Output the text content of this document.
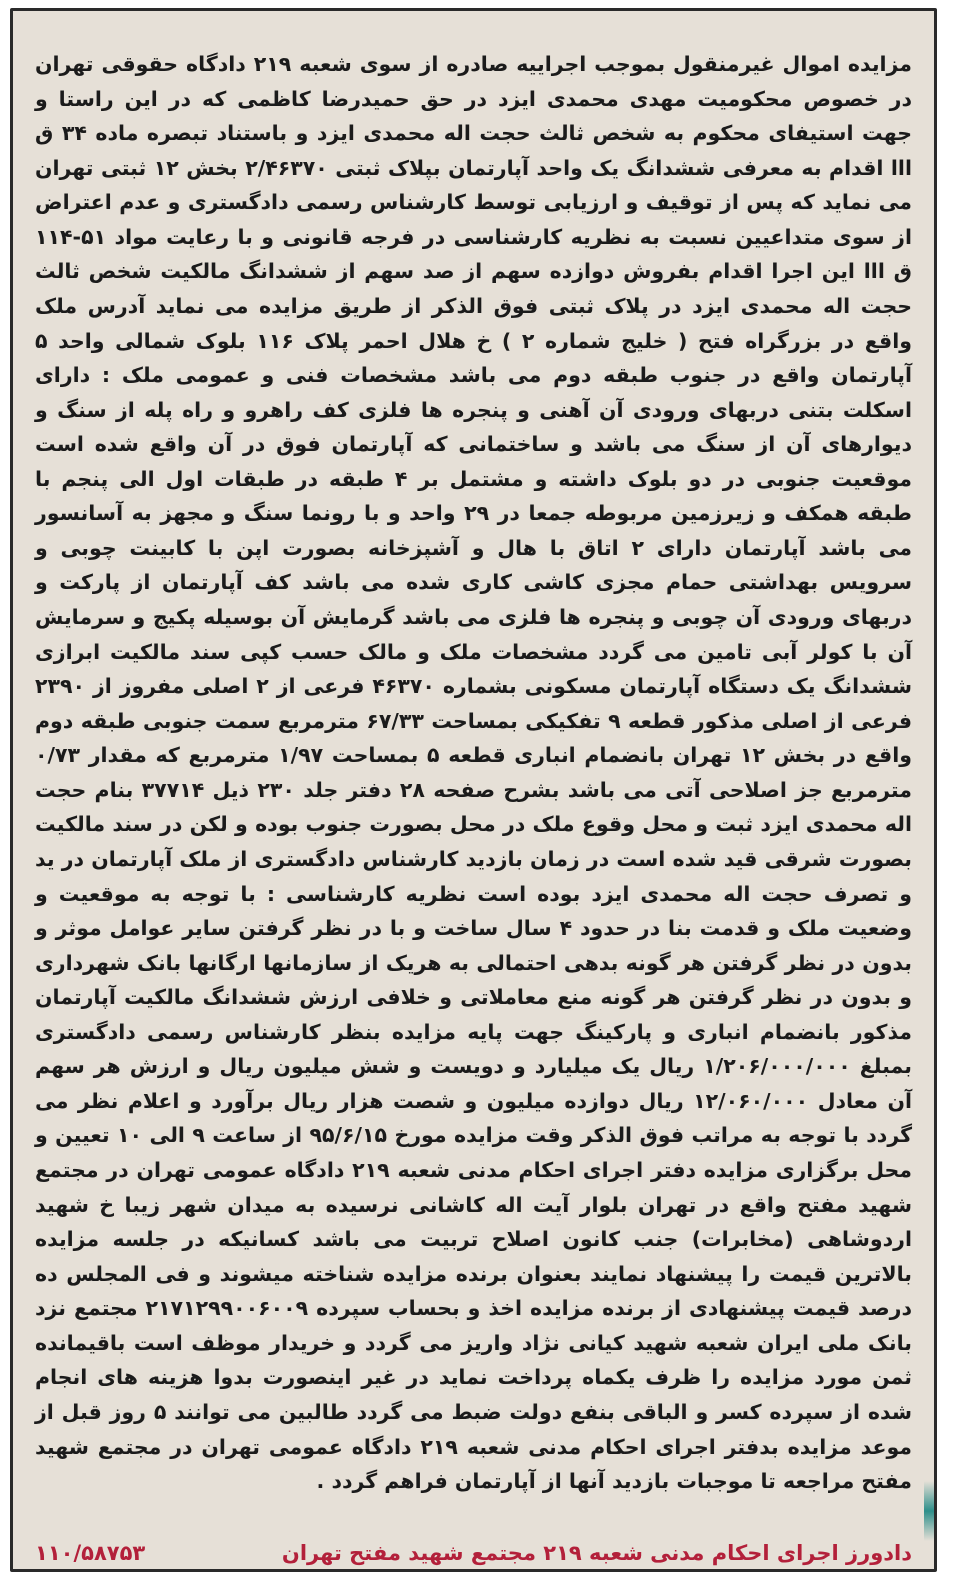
مزایده اموال غیرمنقول بموجب اجراییه صادره از سوی شعبه ۲۱۹ دادگاه حقوقی تهران در خصوص محکومیت مهدی محمدی ایزد در حق حمیدرضا کاظمی که در این راستا و جهت استیفای محکوم به شخص ثالث حجت اله محمدی ایزد و باستناد تبصره ماده ۳۴ ق ااا اقدام به معرفی ششدانگ یک واحد آپارتمان بپلاک ثبتی ۲/۴۶۳۷۰ بخش ۱۲ ثبتی تهران می نماید که پس از توقیف و ارزیابی توسط کارشناس رسمی دادگستری و عدم اعتراض از سوی متداعیین نسبت به نظریه کارشناسی در فرجه قانونی و با رعایت مواد ۵۱-۱۱۴ ق ااا این اجرا اقدام بفروش دوازده سهم از صد سهم از ششدانگ مالکیت شخص ثالث حجت اله محمدی ایزد در پلاک ثبتی فوق الذکر از طریق مزایده می نماید آدرس ملک واقع در بزرگراه فتح ( خلیج شماره ۲ ) خ هلال احمر پلاک ۱۱۶ بلوک شمالی واحد ۵ آپارتمان واقع در جنوب طبقه دوم می باشد مشخصات فنی و عمومی ملک : دارای اسکلت بتنی دربهای ورودی آن آهنی و پنجره ها فلزی کف راهرو و راه پله از سنگ و دیوارهای آن از سنگ می باشد و ساختمانی که آپارتمان فوق در آن واقع شده است موقعیت جنوبی در دو بلوک داشته و مشتمل بر ۴ طبقه در طبقات اول الی پنجم با طبقه همکف و زیرزمین مربوطه جمعا در ۲۹ واحد و با رونما سنگ و مجهز به آسانسور می باشد آپارتمان دارای ۲ اتاق با هال و آشپزخانه بصورت اپن با کابینت چوبی و سرویس بهداشتی حمام مجزی کاشی کاری شده می باشد کف آپارتمان از پارکت و دربهای ورودی آن چوبی و پنجره ها فلزی می باشد گرمایش آن بوسیله پکیج و سرمایش آن با کولر آبی تامین می گردد مشخصات ملک و مالک حسب کپی سند مالکیت ابرازی ششدانگ یک دستگاه آپارتمان مسکونی بشماره ۴۶۳۷۰ فرعی از ۲ اصلی مفروز از ۲۳۹۰ فرعی از اصلی مذکور قطعه ۹ تفکیکی بمساحت ۶۷/۳۳ مترمربع سمت جنوبی طبقه دوم واقع در بخش ۱۲ تهران بانضمام انباری قطعه ۵ بمساحت ۱/۹۷ مترمربع که مقدار ۰/۷۳ مترمربع جز اصلاحی آتی می باشد بشرح صفحه ۲۸ دفتر جلد ۲۳۰ ذیل ۳۷۷۱۴ بنام حجت اله محمدی ایزد ثبت و محل وقوع ملک در محل بصورت جنوب بوده و لکن در سند مالکیت بصورت شرقی قید شده است در زمان بازدید کارشناس دادگستری از ملک آپارتمان در ید و تصرف حجت اله محمدی ایزد بوده است نظریه کارشناسی : با توجه به موقعیت و وضعیت ملک و قدمت بنا در حدود ۴ سال ساخت و با در نظر گرفتن سایر عوامل موثر و بدون در نظر گرفتن هر گونه بدهی احتمالی به هریک از سازمانها ارگانها بانک شهرداری و بدون در نظر گرفتن هر گونه منع معاملاتی و خلافی ارزش ششدانگ مالکیت آپارتمان مذکور بانضمام انباری و پارکینگ جهت پایه مزایده بنظر کارشناس رسمی دادگستری بمبلغ ۱/۲۰۶/۰۰۰/۰۰۰ ریال یک میلیارد و دویست و شش میلیون ریال و ارزش هر سهم آن معادل ۱۲/۰۶۰/۰۰۰ ریال دوازده میلیون و شصت هزار ریال برآورد و اعلام نظر می گردد با توجه به مراتب فوق الذکر وقت مزایده مورخ ۹۵/۶/۱۵ از ساعت ۹ الی ۱۰ تعیین و محل برگزاری مزایده دفتر اجرای احکام مدنی شعبه ۲۱۹ دادگاه عمومی تهران در مجتمع شهید مفتح واقع در تهران بلوار آیت اله کاشانی نرسیده به میدان شهر زیبا خ شهید اردوشاهی (مخابرات) جنب کانون اصلاح تربیت می باشد کسانیکه در جلسه مزایده بالاترین قیمت را پیشنهاد نمایند بعنوان برنده مزایده شناخته میشوند و فی المجلس ده درصد قیمت پیشنهادی از برنده مزایده اخذ و بحساب سپرده ۲۱۷۱۲۹۹۰۰۶۰۰۹ مجتمع نزد بانک ملی ایران شعبه شهید کیانی نژاد واریز می گردد و خریدار موظف است باقیمانده ثمن مورد مزایده را ظرف یکماه پرداخت نماید در غیر اینصورت بدوا هزینه های انجام شده از سپرده کسر و الباقی بنفع دولت ضبط می گردد طالبین می توانند ۵ روز قبل از موعد مزایده بدفتر اجرای احکام مدنی شعبه ۲۱۹ دادگاه عمومی تهران در مجتمع شهید مفتح مراجعه تا موجبات بازدید آنها از آپارتمان فراهم گردد .
دادورز اجرای احکام مدنی شعبه ۲۱۹ مجتمع شهید مفتح تهران
۱۱۰/۵۸۷۵۳
